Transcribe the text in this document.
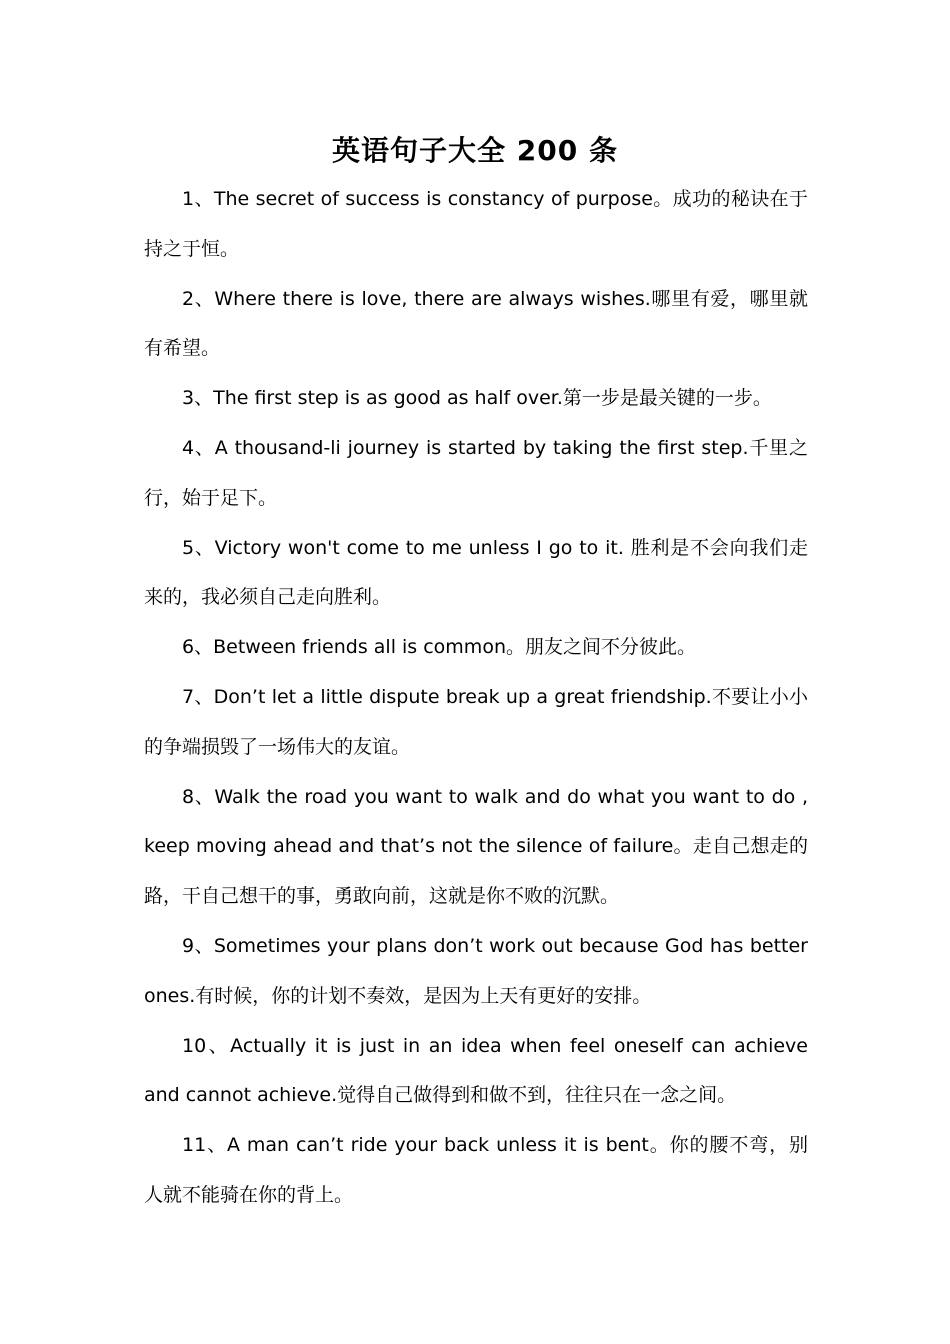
英语句子大全 200 条

1、The secret of success is constancy of purpose。成功的秘诀在于持之于恒。

2、Where there is love, there are always wishes.哪里有爱，哪里就有希望。

3、The first step is as good as half over.第一步是最关键的一步。

4、A thousand-li journey is started by taking the first step.千里之行，始于足下。

5、Victory won't come to me unless I go to it. 胜利是不会向我们走来的，我必须自己走向胜利。

6、Between friends all is common。朋友之间不分彼此。

7、Don’t let a little dispute break up a great friendship.不要让小小的争端损毁了一场伟大的友谊。

8、Walk the road you want to walk and do what you want to do , keep moving ahead and that’s not the silence of failure。走自己想走的路，干自己想干的事，勇敢向前，这就是你不败的沉默。

9、Sometimes your plans don’t work out because God has better ones.有时候，你的计划不奏效，是因为上天有更好的安排。

10、Actually it is just in an idea when feel oneself can achieve and cannot achieve.觉得自己做得到和做不到，往往只在一念之间。

11、A man can’t ride your back unless it is bent。你的腰不弯，别人就不能骑在你的背上。
